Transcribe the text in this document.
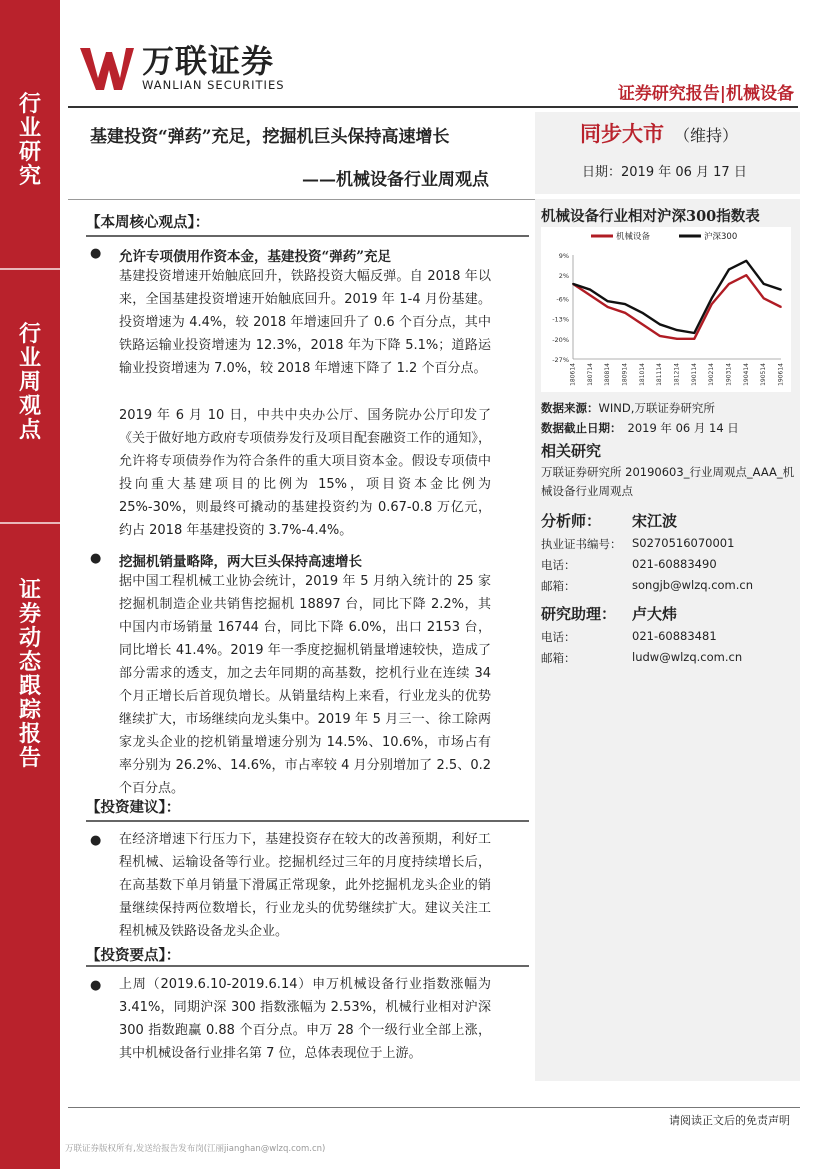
行
业
研
究
行
业
周
观
点
证
券
动
态
跟
踪
报
告
万联证券
WANLIAN SECURITIES	证券研究报告|机械设备
基建投资“弹药”充足，挖掘机巨头保持高速增长
——机械设备行业周观点
同步大市 （维持）
日期：2019 年 06 月 17 日
【本周核心观点】：
● 允许专项债用作资本金，基建投资“弹药”充足
基建投资增速开始触底回升，铁路投资大幅反弹。自 2018 年以来，全国基建投资增速开始触底回升。2019 年 1-4 月份基建。投资增速为 4.4%，较 2018 年增速回升了 0.6 个百分点，其中铁路运输业投资增速为 12.3%，2018 年为下降 5.1%；道路运输业投资增速为 7.0%，较 2018 年增速下降了 1.2 个百分点。
2019 年 6 月 10 日，中共中央办公厅、国务院办公厅印发了《关于做好地方政府专项债券发行及项目配套融资工作的通知》，允许将专项债券作为符合条件的重大项目资本金。假设专项债中投向重大基建项目的比例为 15%，项目资本金比例为 25%-30%，则最终可撬动的基建投资约为 0.67-0.8 万亿元，约占 2018 年基建投资的 3.7%-4.4%。
● 挖掘机销量略降，两大巨头保持高速增长
据中国工程机械工业协会统计，2019 年 5 月纳入统计的 25 家挖掘机制造企业共销售挖掘机 18897 台，同比下降 2.2%，其中国内市场销量 16744 台，同比下降 6.0%，出口 2153 台，同比增长 41.4%。2019 年一季度挖掘机销量增速较快，造成了部分需求的透支，加之去年同期的高基数，挖机行业在连续 34 个月正增长后首现负增长。从销量结构上来看，行业龙头的优势继续扩大，市场继续向龙头集中。2019 年 5 月三一、徐工除两家龙头企业的挖机销量增速分别为 14.5%、10.6%，市场占有率分别为 26.2%、14.6%，市占率较 4 月分别增加了 2.5、0.2 个百分点。
【投资建议】：
● 在经济增速下行压力下，基建投资存在较大的改善预期，利好工程机械、运输设备等行业。挖掘机经过三年的月度持续增长后，在高基数下单月销量下滑属正常现象，此外挖掘机龙头企业的销量继续保持两位数增长，行业龙头的优势继续扩大。建议关注工程机械及铁路设备龙头企业。
【投资要点】：
● 上周（2019.6.10-2019.6.14）申万机械设备行业指数涨幅为 3.41%，同期沪深 300 指数涨幅为 2.53%，机械行业相对沪深 300 指数跑赢 0.88 个百分点。申万 28 个一级行业全部上涨，其中机械设备行业排名第 7 位，总体表现位于上游。
机械设备行业相对沪深300指数表
9%
2%
-6%
-13%
-20%
-27%
180614 180714 180814 180914 181014 181114 181214 190114 190214 190314 190414 190514 190614
机械设备	沪深300
数据来源：WIND,万联证券研究所
数据截止日期： 2019 年 06 月 14 日
相关研究
万联证券研究所 20190603_行业周观点_AAA_机械设备行业周观点
分析师： 宋江波
执业证书编号： S0270516070001
电话：	021-60883490
邮箱：	songjb@wlzq.com.cn
研究助理： 卢大炜
电话：	021-60883481
邮箱：	ludw@wlzq.com.cn
请阅读正文后的免责声明
万联证券版权所有,发送给报告发布岗(江丽jianghan@wlzq.com.cn)
